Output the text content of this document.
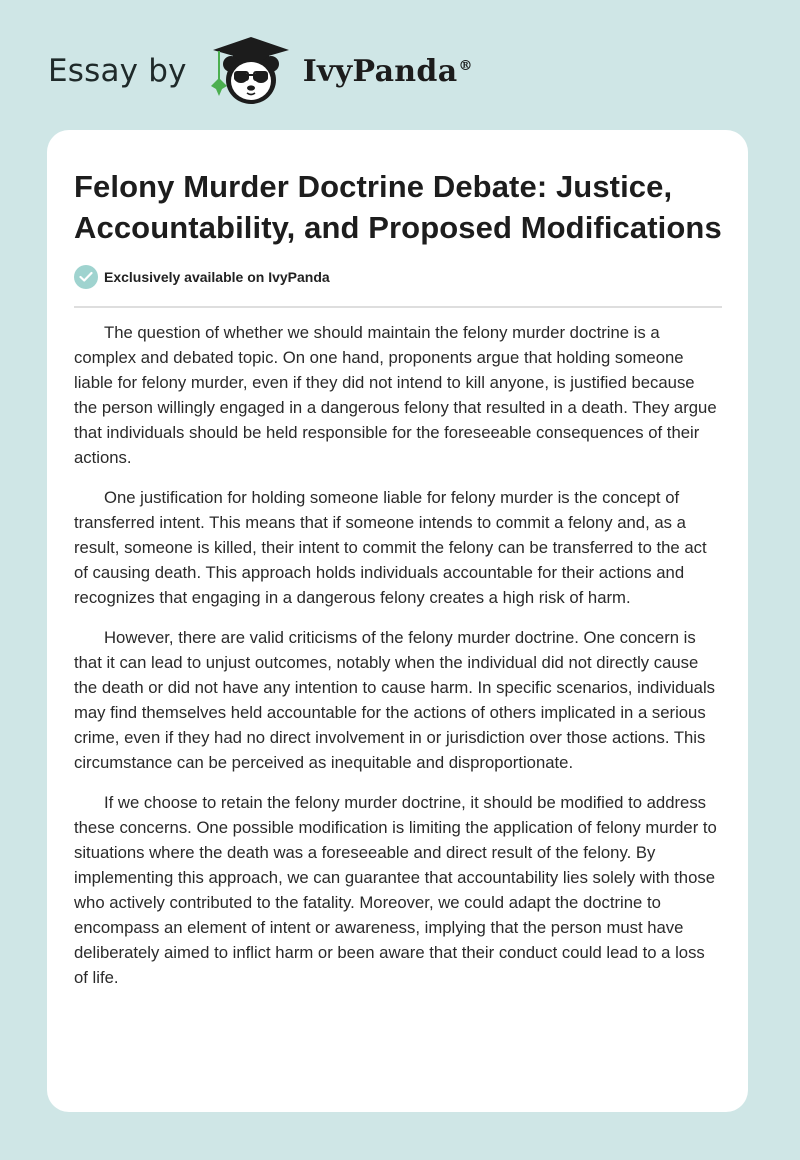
Essay by	IvyPanda®
Felony Murder Doctrine Debate: Justice, Accountability, and Proposed Modifications
Exclusively available on IvyPanda

The question of whether we should maintain the felony murder doctrine is a complex and debated topic. On one hand, proponents argue that holding someone liable for felony murder, even if they did not intend to kill anyone, is justified because the person willingly engaged in a dangerous felony that resulted in a death. They argue that individuals should be held responsible for the foreseeable consequences of their actions.

One justification for holding someone liable for felony murder is the concept of transferred intent. This means that if someone intends to commit a felony and, as a result, someone is killed, their intent to commit the felony can be transferred to the act of causing death. This approach holds individuals accountable for their actions and recognizes that engaging in a dangerous felony creates a high risk of harm.

However, there are valid criticisms of the felony murder doctrine. One concern is that it can lead to unjust outcomes, notably when the individual did not directly cause the death or did not have any intention to cause harm. In specific scenarios, individuals may find themselves held accountable for the actions of others implicated in a serious crime, even if they had no direct involvement in or jurisdiction over those actions. This circumstance can be perceived as inequitable and disproportionate.

If we choose to retain the felony murder doctrine, it should be modified to address these concerns. One possible modification is limiting the application of felony murder to situations where the death was a foreseeable and direct result of the felony. By implementing this approach, we can guarantee that accountability lies solely with those who actively contributed to the fatality. Moreover, we could adapt the doctrine to encompass an element of intent or awareness, implying that the person must have deliberately aimed to inflict harm or been aware that their conduct could lead to a loss of life.
